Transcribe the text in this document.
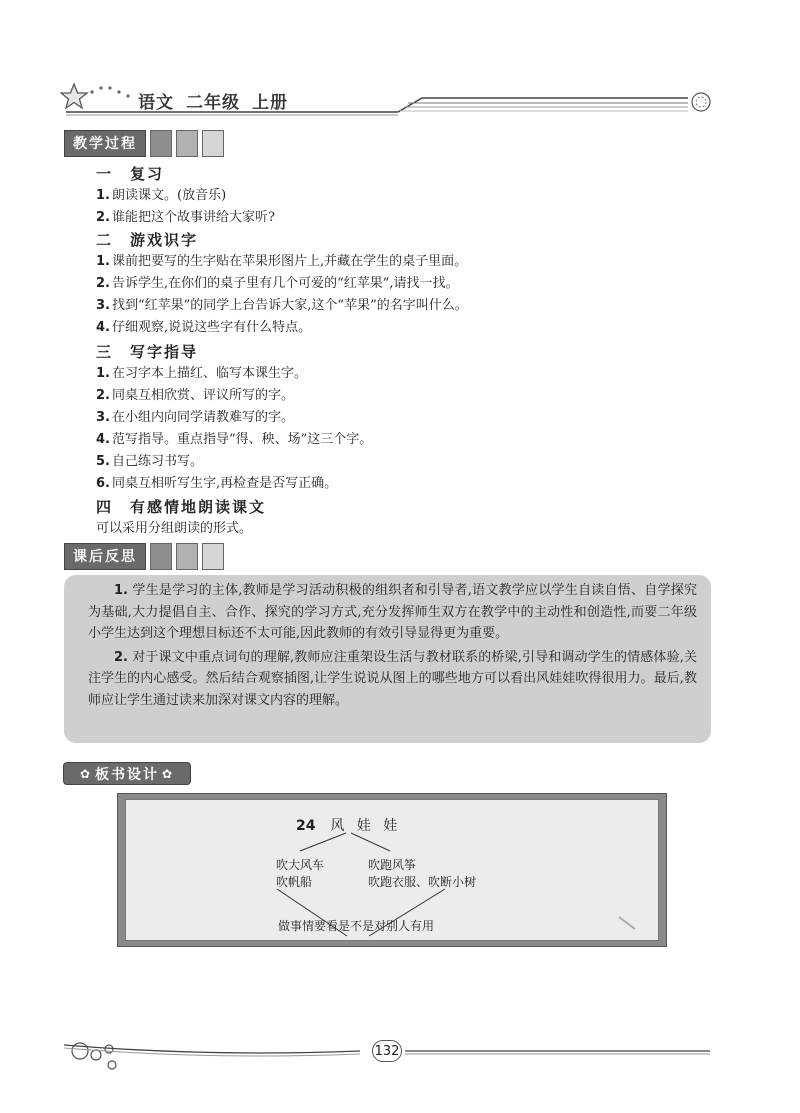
语文 二年级 上册
教学过程
一 复习
1. 朗读课文。(放音乐)
2. 谁能把这个故事讲给大家听?
二 游戏识字
1. 课前把要写的生字贴在苹果形图片上,并藏在学生的桌子里面。
2. 告诉学生,在你们的桌子里有几个可爱的“红苹果”,请找一找。
3. 找到“红苹果”的同学上台告诉大家,这个“苹果”的名字叫什么。
4. 仔细观察,说说这些字有什么特点。
三 写字指导
1. 在习字本上描红、临写本课生字。
2. 同桌互相欣赏、评议所写的字。
3. 在小组内向同学请教难写的字。
4. 范写指导。重点指导“得、秧、场”这三个字。
5. 自己练习书写。
6. 同桌互相听写生字,再检查是否写正确。
四 有感情地朗读课文
可以采用分组朗读的形式。
课后反思

1. 学生是学习的主体,教师是学习活动积极的组织者和引导者,语文教学应以学生自读自悟、自学探究为基础,大力提倡自主、合作、探究的学习方式,充分发挥师生双方在教学中的主动性和创造性,而要二年级小学生达到这个理想目标还不太可能,因此教师的有效引导显得更为重要。

2. 对于课文中重点词句的理解,教师应注重架设生活与教材联系的桥梁,引导和调动学生的情感体验,关注学生的内心感受。然后结合观察插图,让学生说说从图上的哪些地方可以看出风娃娃吹得很用力。最后,教师应让学生通过读来加深对课文内容的理解。

✿ 板书设计 ✿
24 风 娃 娃
吹大风车
吹帆船
吹跑风筝
吹跑衣服、吹断小树
做事情要看是不是对别人有用
132
